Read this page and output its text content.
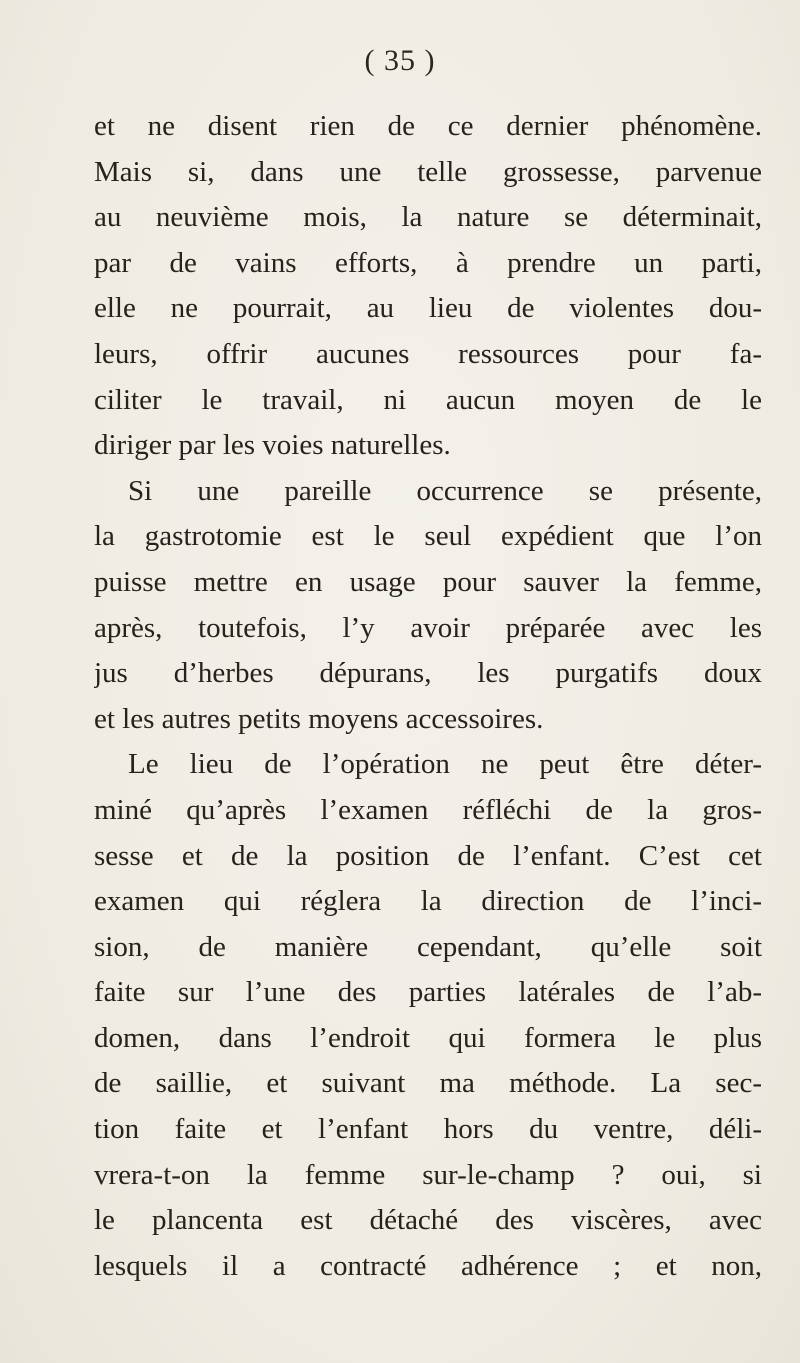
( 35 )
et ne disent rien de ce dernier phénomène.
Mais si, dans une telle grossesse, parvenue
au neuvième mois, la nature se déterminait,
par de vains efforts, à prendre un parti,
elle ne pourrait, au lieu de violentes dou-
leurs, offrir aucunes ressources pour fa-
ciliter le travail, ni aucun moyen de le
diriger par les voies naturelles.
Si une pareille occurrence se présente,
la gastrotomie est le seul expédient que l’on
puisse mettre en usage pour sauver la femme,
après, toutefois, l’y avoir préparée avec les
jus d’herbes dépurans, les purgatifs doux
et les autres petits moyens accessoires.
Le lieu de l’opération ne peut être déter-
miné qu’après l’examen réfléchi de la gros-
sesse et de la position de l’enfant. C’est cet
examen qui réglera la direction de l’inci-
sion, de manière cependant, qu’elle soit
faite sur l’une des parties latérales de l’ab-
domen, dans l’endroit qui formera le plus
de saillie, et suivant ma méthode. La sec-
tion faite et l’enfant hors du ventre, déli-
vrera-t-on la femme sur-le-champ ? oui, si
le plancenta est détaché des viscères, avec
lesquels il a contracté adhérence ; et non,
